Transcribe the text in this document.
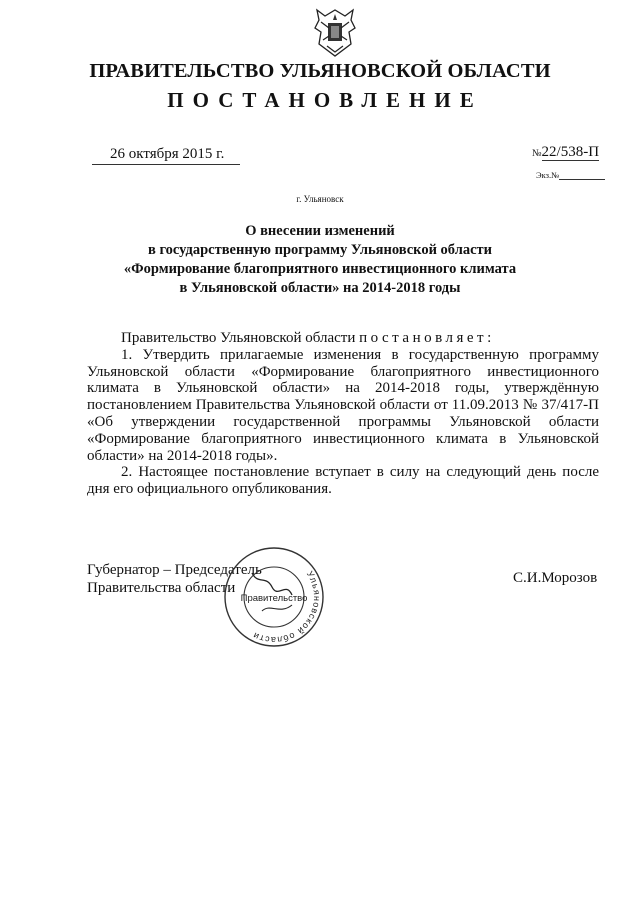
ПРАВИТЕЛЬСТВО УЛЬЯНОВСКОЙ ОБЛАСТИ
ПОСТАНОВЛЕНИЕ
26 октября 2015 г.	№22/538-П
Экз.№
г. Ульяновск
О внесении изменений
в государственную программу Ульяновской области
«Формирование благоприятного инвестиционного климата
в Ульяновской области» на 2014-2018 годы

Правительство Ульяновской области постановляет:

1. Утвердить прилагаемые изменения в государственную программу Ульяновской области «Формирование благоприятного инвестиционного климата в Ульяновской области» на 2014-2018 годы, утверждённую постановлением Правительства Ульяновской области от 11.09.2013 № 37/417-П «Об утверждении государственной программы Ульяновской области «Формирование благоприятного инвестиционного климата в Ульяновской области» на 2014-2018 годы».

2. Настоящее постановление вступает в силу на следующий день после дня его официального опубликования.

Губернатор – Председатель
Правительства области
Ульяновской области
Правительство
С.И.Морозов
